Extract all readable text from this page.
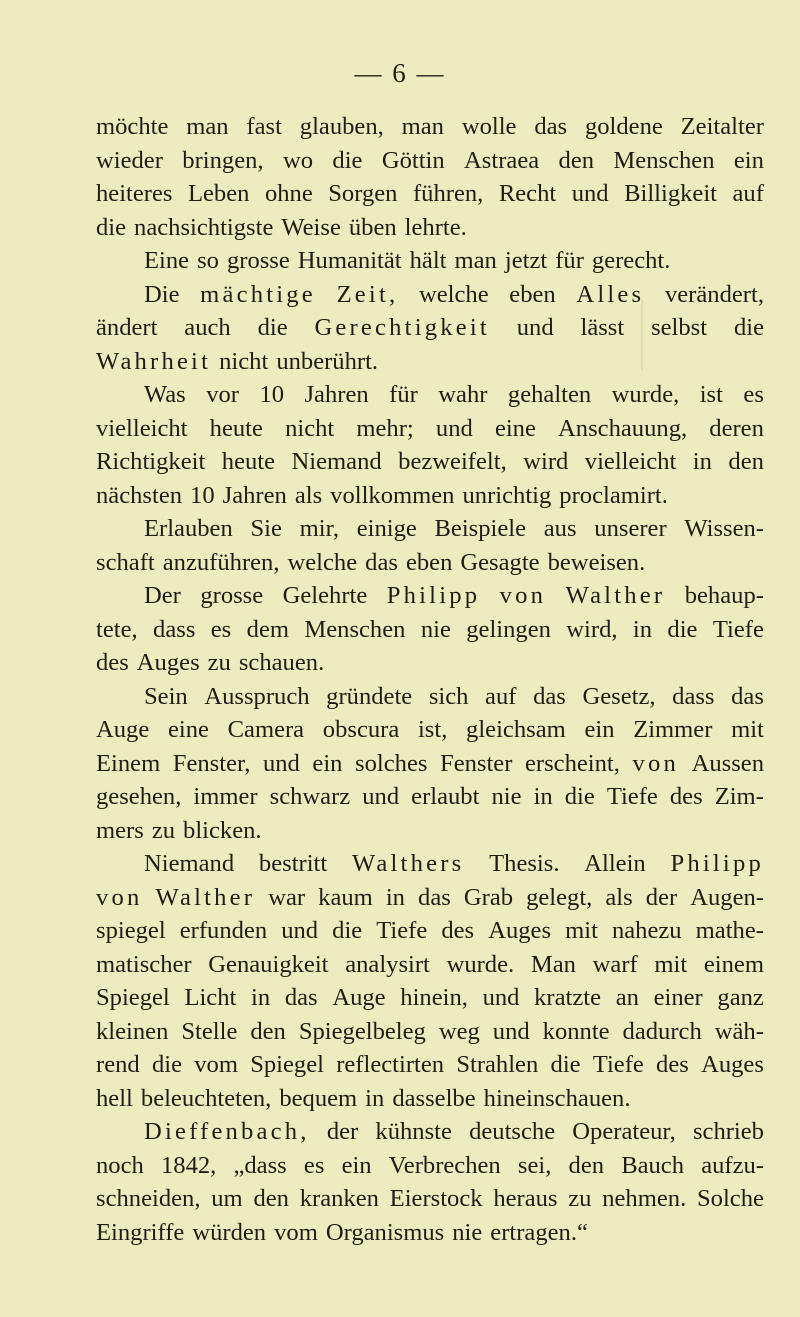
— 6 —
möchte man fast glauben, man wolle das goldene Zeitalter
wieder bringen, wo die Göttin Astraea den Menschen ein
heiteres Leben ohne Sorgen führen, Recht und Billigkeit auf
die nachsichtigste Weise üben lehrte.
Eine so grosse Humanität hält man jetzt für gerecht.
Die mächtige Zeit, welche eben Alles verändert,
ändert auch die Gerechtigkeit und lässt selbst die
Wahrheit nicht unberührt.
Was vor 10 Jahren für wahr gehalten wurde, ist es
vielleicht heute nicht mehr; und eine Anschauung, deren
Richtigkeit heute Niemand bezweifelt, wird vielleicht in den
nächsten 10 Jahren als vollkommen unrichtig proclamirt.
Erlauben Sie mir, einige Beispiele aus unserer Wissen-
schaft anzuführen, welche das eben Gesagte beweisen.
Der grosse Gelehrte Philipp von Walther behaup-
tete, dass es dem Menschen nie gelingen wird, in die Tiefe
des Auges zu schauen.
Sein Ausspruch gründete sich auf das Gesetz, dass das
Auge eine Camera obscura ist, gleichsam ein Zimmer mit
Einem Fenster, und ein solches Fenster erscheint, von Aussen
gesehen, immer schwarz und erlaubt nie in die Tiefe des Zim-
mers zu blicken.
Niemand bestritt Walthers Thesis. Allein Philipp
von Walther war kaum in das Grab gelegt, als der Augen-
spiegel erfunden und die Tiefe des Auges mit nahezu mathe-
matischer Genauigkeit analysirt wurde. Man warf mit einem
Spiegel Licht in das Auge hinein, und kratzte an einer ganz
kleinen Stelle den Spiegelbeleg weg und konnte dadurch wäh-
rend die vom Spiegel reflectirten Strahlen die Tiefe des Auges
hell beleuchteten, bequem in dasselbe hineinschauen.
Dieffenbach, der kühnste deutsche Operateur, schrieb
noch 1842, „dass es ein Verbrechen sei, den Bauch aufzu-
schneiden, um den kranken Eierstock heraus zu nehmen. Solche
Eingriffe würden vom Organismus nie ertragen.“
